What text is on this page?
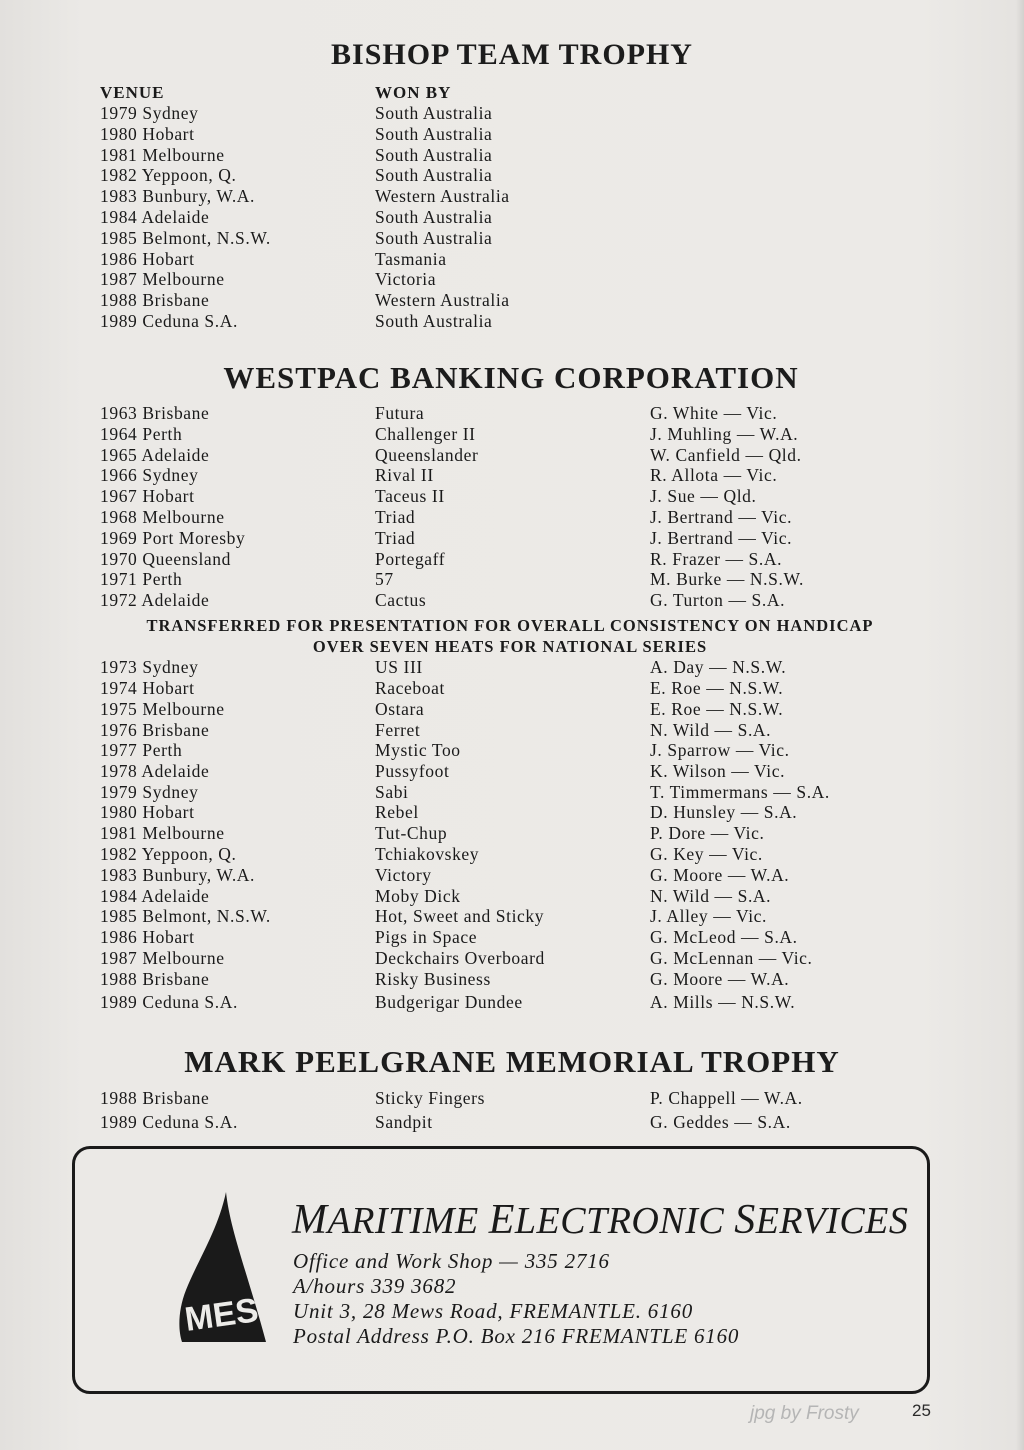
BISHOP TEAM TROPHY
VENUE	WON BY
1979 Sydney	South Australia
1980 Hobart	South Australia
1981 Melbourne	South Australia
1982 Yeppoon, Q.	South Australia
1983 Bunbury, W.A.	Western Australia
1984 Adelaide	South Australia
1985 Belmont, N.S.W.	South Australia
1986 Hobart	Tasmania
1987 Melbourne	Victoria
1988 Brisbane	Western Australia
1989 Ceduna S.A.	South Australia
WESTPAC BANKING CORPORATION
1963 Brisbane	Futura	G. White — Vic.
1964 Perth	Challenger II	J. Muhling — W.A.
1965 Adelaide	Queenslander	W. Canfield — Qld.
1966 Sydney	Rival II	R. Allota — Vic.
1967 Hobart	Taceus II	J. Sue — Qld.
1968 Melbourne	Triad	J. Bertrand — Vic.
1969 Port Moresby	Triad	J. Bertrand — Vic.
1970 Queensland	Portegaff	R. Frazer — S.A.
1971 Perth	57	M. Burke — N.S.W.
1972 Adelaide	Cactus	G. Turton — S.A.
TRANSFERRED FOR PRESENTATION FOR OVERALL CONSISTENCY ON HANDICAP
OVER SEVEN HEATS FOR NATIONAL SERIES
1973 Sydney	US III	A. Day — N.S.W.
1974 Hobart	Raceboat	E. Roe — N.S.W.
1975 Melbourne	Ostara	E. Roe — N.S.W.
1976 Brisbane	Ferret	N. Wild — S.A.
1977 Perth	Mystic Too	J. Sparrow — Vic.
1978 Adelaide	Pussyfoot	K. Wilson — Vic.
1979 Sydney	Sabi	T. Timmermans — S.A.
1980 Hobart	Rebel	D. Hunsley — S.A.
1981 Melbourne	Tut-Chup	P. Dore — Vic.
1982 Yeppoon, Q.	Tchiakovskey	G. Key — Vic.
1983 Bunbury, W.A.	Victory	G. Moore — W.A.
1984 Adelaide	Moby Dick	N. Wild — S.A.
1985 Belmont, N.S.W.	Hot, Sweet and Sticky	J. Alley — Vic.
1986 Hobart	Pigs in Space	G. McLeod — S.A.
1987 Melbourne	Deckchairs Overboard	G. McLennan — Vic.
1988 Brisbane	Risky Business	G. Moore — W.A.
1989 Ceduna S.A.	Budgerigar Dundee	A. Mills — N.S.W.
MARK PEELGRANE MEMORIAL TROPHY
1988 Brisbane	Sticky Fingers	P. Chappell — W.A.
1989 Ceduna S.A.	Sandpit	G. Geddes — S.A.
MES
MARITIME ELECTRONIC SERVICES
Office and Work Shop — 335 2716
A/hours 339 3682
Unit 3, 28 Mews Road, FREMANTLE. 6160
Postal Address P.O. Box 216 FREMANTLE 6160
jpg by Frosty	25
